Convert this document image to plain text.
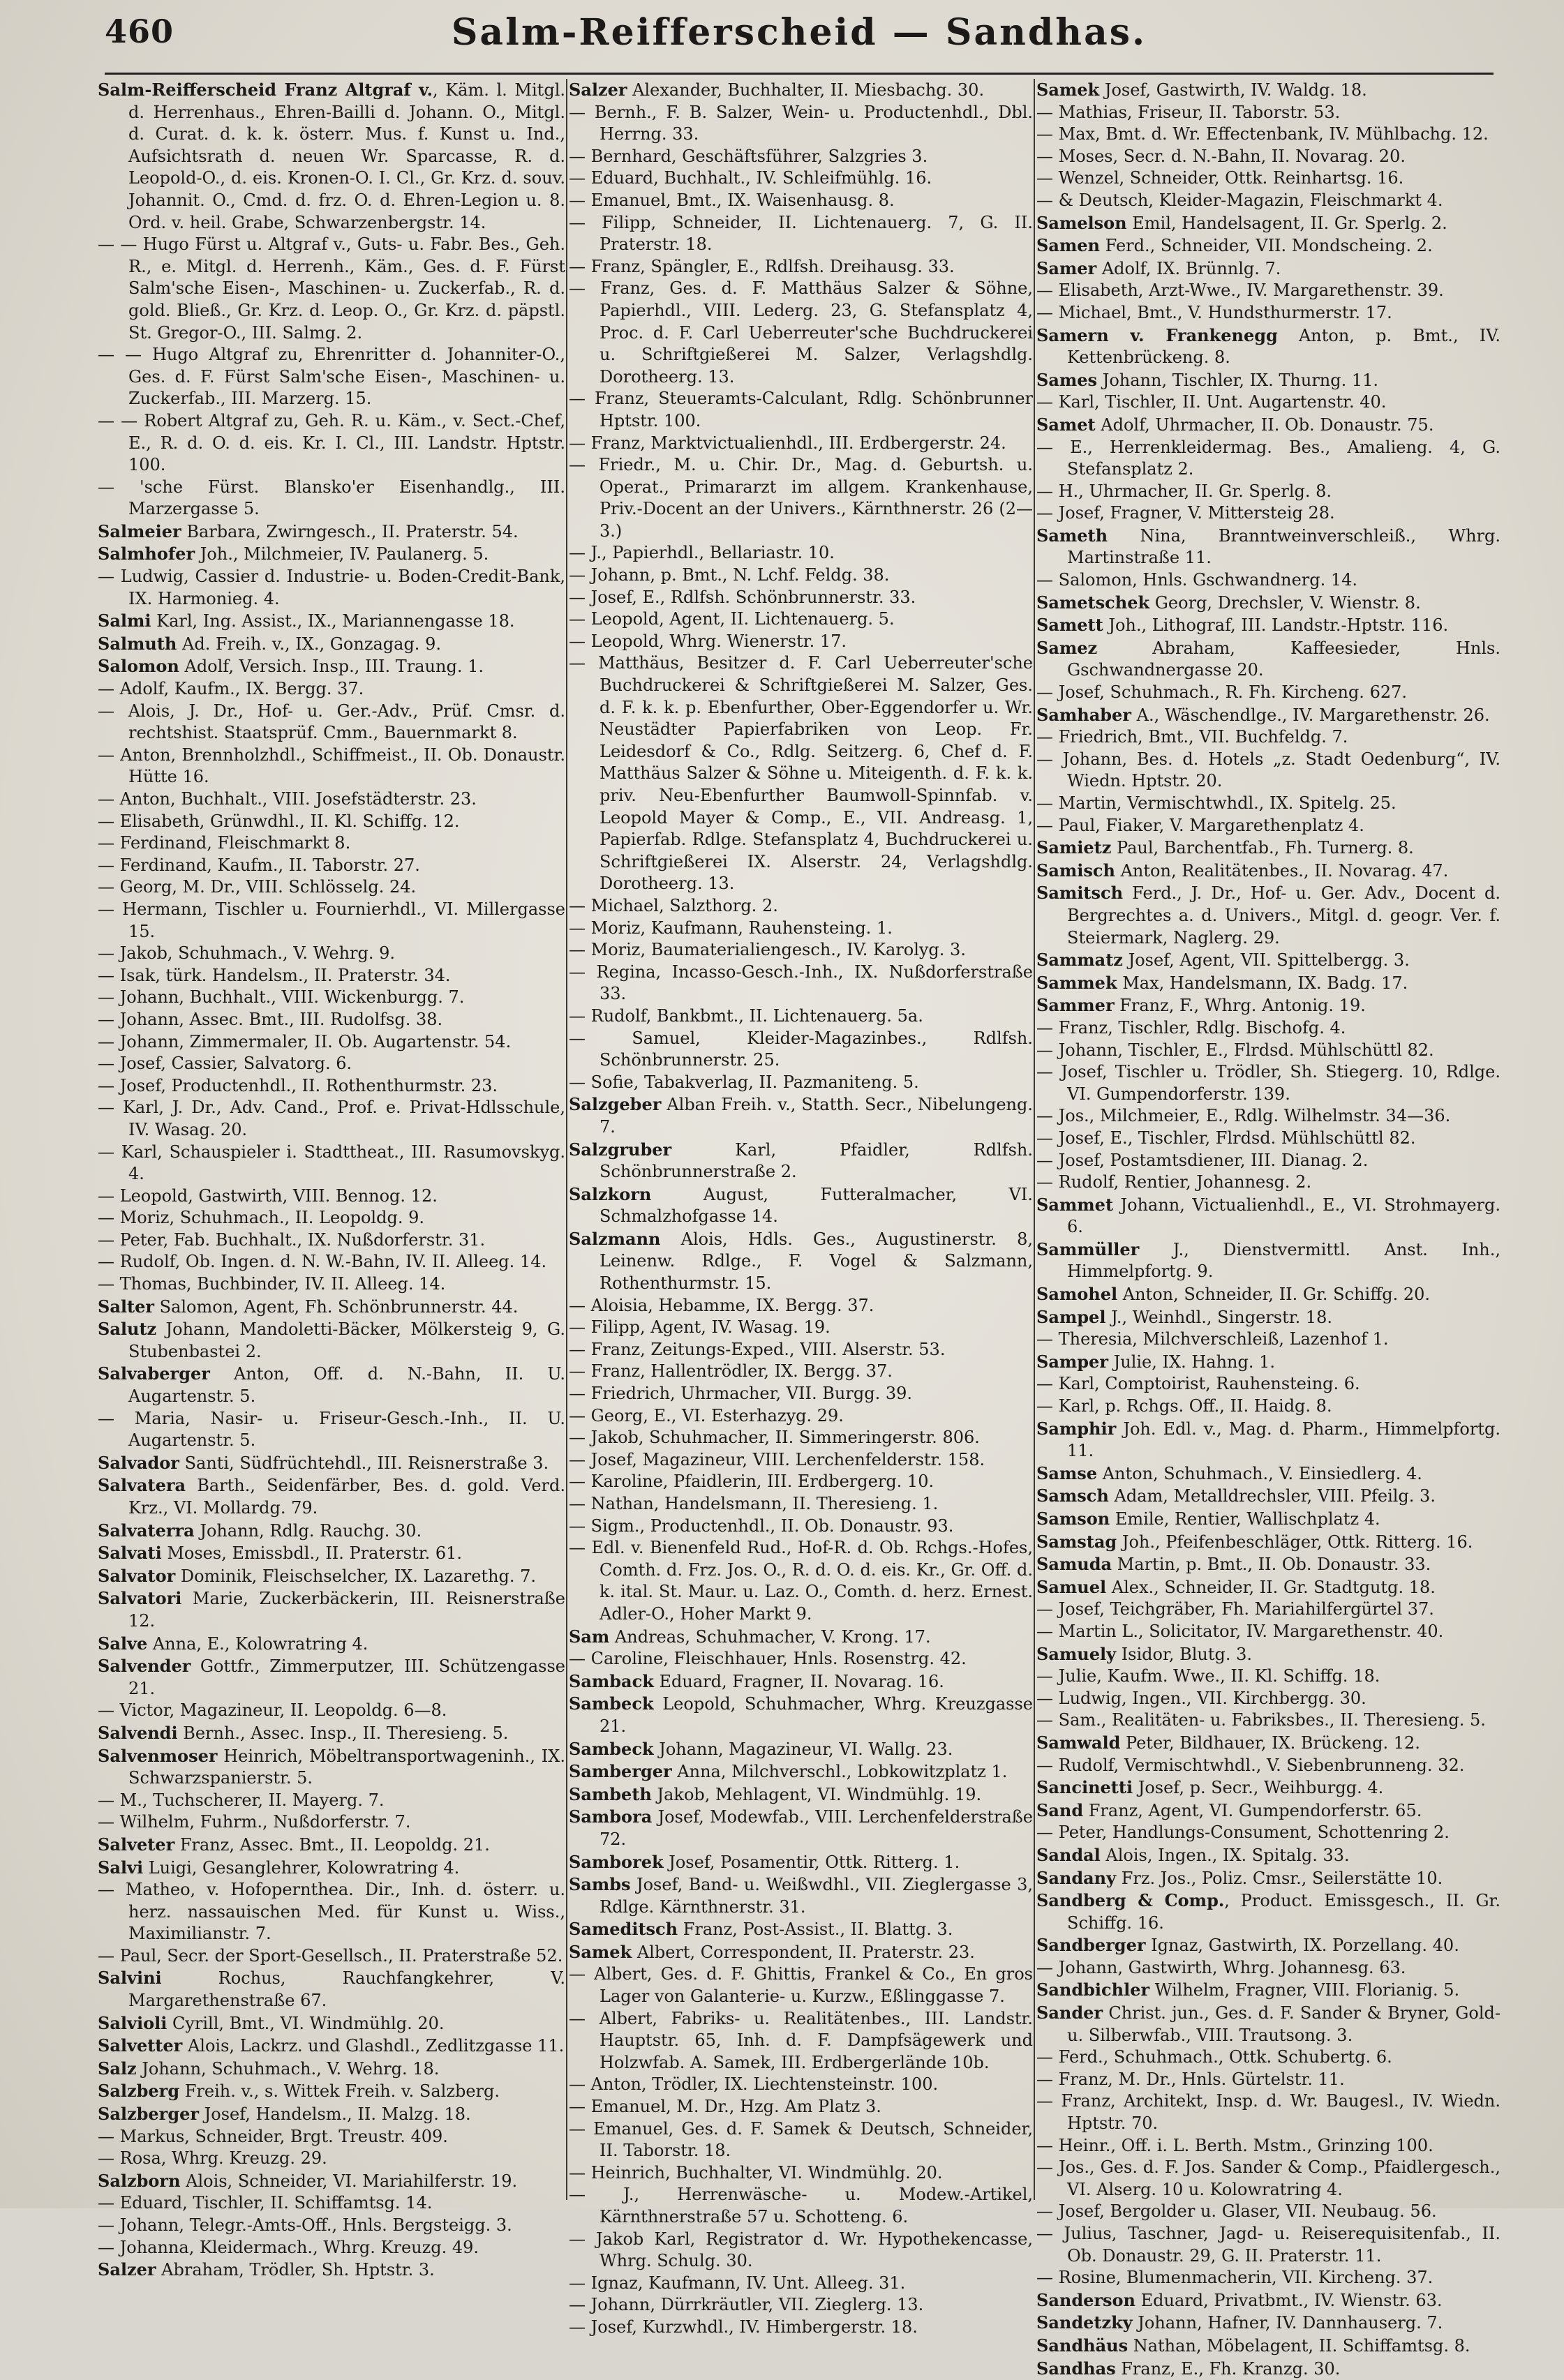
460	Salm-Reifferscheid — Sandhas.
Salm-Reifferscheid Franz Altgraf v., Käm. l. Mitgl. d. Herrenhaus., Ehren-Bailli d. Johann. O., Mitgl. d. Curat. d. k. k. österr. Mus. f. Kunst u. Ind., Aufsichtsrath d. neuen Wr. Sparcasse, R. d. Leopold-O., d. eis. Kronen-O. I. Cl., Gr. Krz. d. souv. Johannit. O., Cmd. d. frz. O. d. Ehren-Legion u. 8. Ord. v. heil. Grabe, Schwarzenbergstr. 14.
— — Hugo Fürst u. Altgraf v., Guts- u. Fabr. Bes., Geh. R., e. Mitgl. d. Herrenh., Käm., Ges. d. F. Fürst Salm'sche Eisen-, Maschinen- u. Zuckerfab., R. d. gold. Bließ., Gr. Krz. d. Leop. O., Gr. Krz. d. päpstl. St. Gregor-O., III. Salmg. 2.
— — Hugo Altgraf zu, Ehrenritter d. Johanniter-O., Ges. d. F. Fürst Salm'sche Eisen-, Maschinen- u. Zuckerfab., III. Marzerg. 15.
— — Robert Altgraf zu, Geh. R. u. Käm., v. Sect.-Chef, E., R. d. O. d. eis. Kr. I. Cl., III. Landstr. Hptstr. 100.
— 'sche Fürst. Blansko'er Eisenhandlg., III. Marzergasse 5.
Salmeier Barbara, Zwirngesch., II. Praterstr. 54.
Salmhofer Joh., Milchmeier, IV. Paulanerg. 5.
— Ludwig, Cassier d. Industrie- u. Boden-Credit-Bank, IX. Harmonieg. 4.
Salmi Karl, Ing. Assist., IX., Mariannengasse 18.
Salmuth Ad. Freih. v., IX., Gonzagag. 9.
Salomon Adolf, Versich. Insp., III. Traung. 1.
— Adolf, Kaufm., IX. Bergg. 37.
— Alois, J. Dr., Hof- u. Ger.-Adv., Prüf. Cmsr. d. rechtshist. Staatsprüf. Cmm., Bauernmarkt 8.
— Anton, Brennholzhdl., Schiffmeist., II. Ob. Donaustr. Hütte 16.
— Anton, Buchhalt., VIII. Josefstädterstr. 23.
— Elisabeth, Grünwdhl., II. Kl. Schiffg. 12.
— Ferdinand, Fleischmarkt 8.
— Ferdinand, Kaufm., II. Taborstr. 27.
— Georg, M. Dr., VIII. Schlösselg. 24.
— Hermann, Tischler u. Fournierhdl., VI. Millergasse 15.
— Jakob, Schuhmach., V. Wehrg. 9.
— Isak, türk. Handelsm., II. Praterstr. 34.
— Johann, Buchhalt., VIII. Wickenburgg. 7.
— Johann, Assec. Bmt., III. Rudolfsg. 38.
— Johann, Zimmermaler, II. Ob. Augartenstr. 54.
— Josef, Cassier, Salvatorg. 6.
— Josef, Productenhdl., II. Rothenthurmstr. 23.
— Karl, J. Dr., Adv. Cand., Prof. e. Privat-Hdlsschule, IV. Wasag. 20.
— Karl, Schauspieler i. Stadttheat., III. Rasumovskyg. 4.
— Leopold, Gastwirth, VIII. Bennog. 12.
— Moriz, Schuhmach., II. Leopoldg. 9.
— Peter, Fab. Buchhalt., IX. Nußdorferstr. 31.
— Rudolf, Ob. Ingen. d. N. W.-Bahn, IV. II. Alleeg. 14.
— Thomas, Buchbinder, IV. II. Alleeg. 14.
Salter Salomon, Agent, Fh. Schönbrunnerstr. 44.
Salutz Johann, Mandoletti-Bäcker, Mölkersteig 9, G. Stubenbastei 2.
Salvaberger Anton, Off. d. N.-Bahn, II. U. Augartenstr. 5.
— Maria, Nasir- u. Friseur-Gesch.-Inh., II. U. Augartenstr. 5.
Salvador Santi, Südfrüchtehdl., III. Reisnerstraße 3.
Salvatera Barth., Seidenfärber, Bes. d. gold. Verd. Krz., VI. Mollardg. 79.
Salvaterra Johann, Rdlg. Rauchg. 30.
Salvati Moses, Emissbdl., II. Praterstr. 61.
Salvator Dominik, Fleischselcher, IX. Lazarethg. 7.
Salvatori Marie, Zuckerbäckerin, III. Reisnerstraße 12.
Salve Anna, E., Kolowratring 4.
Salvender Gottfr., Zimmerputzer, III. Schützengasse 21.
— Victor, Magazineur, II. Leopoldg. 6—8.
Salvendi Bernh., Assec. Insp., II. Theresieng. 5.
Salvenmoser Heinrich, Möbeltransportwageninh., IX. Schwarzspanierstr. 5.
— M., Tuchscherer, II. Mayerg. 7.
— Wilhelm, Fuhrm., Nußdorferstr. 7.
Salveter Franz, Assec. Bmt., II. Leopoldg. 21.
Salvi Luigi, Gesanglehrer, Kolowratring 4.
— Matheo, v. Hofopernthea. Dir., Inh. d. österr. u. herz. nassauischen Med. für Kunst u. Wiss., Maximilianstr. 7.
— Paul, Secr. der Sport-Gesellsch., II. Praterstraße 52.
Salvini Rochus, Rauchfangkehrer, V. Margarethenstraße 67.
Salvioli Cyrill, Bmt., VI. Windmühlg. 20.
Salvetter Alois, Lackrz. und Glashdl., Zedlitzgasse 11.
Salz Johann, Schuhmach., V. Wehrg. 18.
Salzberg Freih. v., s. Wittek Freih. v. Salzberg.
Salzberger Josef, Handelsm., II. Malzg. 18.
— Markus, Schneider, Brgt. Treustr. 409.
— Rosa, Whrg. Kreuzg. 29.
Salzborn Alois, Schneider, VI. Mariahilferstr. 19.
— Eduard, Tischler, II. Schiffamtsg. 14.
— Johann, Telegr.-Amts-Off., Hnls. Bergsteigg. 3.
— Johanna, Kleidermach., Whrg. Kreuzg. 49.
Salzer Abraham, Trödler, Sh. Hptstr. 3.
Salzer Alexander, Buchhalter, II. Miesbachg. 30.
— Bernh., F. B. Salzer, Wein- u. Productenhdl., Dbl. Herrng. 33.
— Bernhard, Geschäftsführer, Salzgries 3.
— Eduard, Buchhalt., IV. Schleifmühlg. 16.
— Emanuel, Bmt., IX. Waisenhausg. 8.
— Filipp, Schneider, II. Lichtenauerg. 7, G. II. Praterstr. 18.
— Franz, Spängler, E., Rdlfsh. Dreihausg. 33.
— Franz, Ges. d. F. Matthäus Salzer & Söhne, Papierhdl., VIII. Lederg. 23, G. Stefansplatz 4, Proc. d. F. Carl Ueberreuter'sche Buchdruckerei u. Schriftgießerei M. Salzer, Verlagshdlg. Dorotheerg. 13.
— Franz, Steueramts-Calculant, Rdlg. Schönbrunner Hptstr. 100.
— Franz, Marktvictualienhdl., III. Erdbergerstr. 24.
— Friedr., M. u. Chir. Dr., Mag. d. Geburtsh. u. Operat., Primararzt im allgem. Krankenhause, Priv.-Docent an der Univers., Kärnthnerstr. 26 (2—3.)
— J., Papierhdl., Bellariastr. 10.
— Johann, p. Bmt., N. Lchf. Feldg. 38.
— Josef, E., Rdlfsh. Schönbrunnerstr. 33.
— Leopold, Agent, II. Lichtenauerg. 5.
— Leopold, Whrg. Wienerstr. 17.
— Matthäus, Besitzer d. F. Carl Ueberreuter'sche Buchdruckerei & Schriftgießerei M. Salzer, Ges. d. F. k. k. p. Ebenfurther, Ober-Eggendorfer u. Wr. Neustädter Papierfabriken von Leop. Fr. Leidesdorf & Co., Rdlg. Seitzerg. 6, Chef d. F. Matthäus Salzer & Söhne u. Miteigenth. d. F. k. k. priv. Neu-Ebenfurther Baumwoll-Spinnfab. v. Leopold Mayer & Comp., E., VII. Andreasg. 1, Papierfab. Rdlge. Stefansplatz 4, Buchdruckerei u. Schriftgießerei IX. Alserstr. 24, Verlagshdlg. Dorotheerg. 13.
— Michael, Salzthorg. 2.
— Moriz, Kaufmann, Rauhensteing. 1.
— Moriz, Baumaterialiengesch., IV. Karolyg. 3.
— Regina, Incasso-Gesch.-Inh., IX. Nußdorferstraße 33.
— Rudolf, Bankbmt., II. Lichtenauerg. 5a.
— Samuel, Kleider-Magazinbes., Rdlfsh. Schönbrunnerstr. 25.
— Sofie, Tabakverlag, II. Pazmaniteng. 5.
Salzgeber Alban Freih. v., Statth. Secr., Nibelungeng. 7.
Salzgruber Karl, Pfaidler, Rdlfsh. Schönbrunnerstraße 2.
Salzkorn August, Futteralmacher, VI. Schmalzhofgasse 14.
Salzmann Alois, Hdls. Ges., Augustinerstr. 8, Leinenw. Rdlge., F. Vogel & Salzmann, Rothenthurmstr. 15.
— Aloisia, Hebamme, IX. Bergg. 37.
— Filipp, Agent, IV. Wasag. 19.
— Franz, Zeitungs-Exped., VIII. Alserstr. 53.
— Franz, Hallentrödler, IX. Bergg. 37.
— Friedrich, Uhrmacher, VII. Burgg. 39.
— Georg, E., VI. Esterhazyg. 29.
— Jakob, Schuhmacher, II. Simmeringerstr. 806.
— Josef, Magazineur, VIII. Lerchenfelderstr. 158.
— Karoline, Pfaidlerin, III. Erdbergerg. 10.
— Nathan, Handelsmann, II. Theresieng. 1.
— Sigm., Productenhdl., II. Ob. Donaustr. 93.
— Edl. v. Bienenfeld Rud., Hof-R. d. Ob. Rchgs.-Hofes, Comth. d. Frz. Jos. O., R. d. O. d. eis. Kr., Gr. Off. d. k. ital. St. Maur. u. Laz. O., Comth. d. herz. Ernest. Adler-O., Hoher Markt 9.
Sam Andreas, Schuhmacher, V. Krong. 17.
— Caroline, Fleischhauer, Hnls. Rosenstrg. 42.
Samback Eduard, Fragner, II. Novarag. 16.
Sambeck Leopold, Schuhmacher, Whrg. Kreuzgasse 21.
Sambeck Johann, Magazineur, VI. Wallg. 23.
Samberger Anna, Milchverschl., Lobkowitzplatz 1.
Sambeth Jakob, Mehlagent, VI. Windmühlg. 19.
Sambora Josef, Modewfab., VIII. Lerchenfelderstraße 72.
Samborek Josef, Posamentir, Ottk. Ritterg. 1.
Sambs Josef, Band- u. Weißwdhl., VII. Zieglergasse 3, Rdlge. Kärnthnerstr. 31.
Sameditsch Franz, Post-Assist., II. Blattg. 3.
Samek Albert, Correspondent, II. Praterstr. 23.
— Albert, Ges. d. F. Ghittis, Frankel & Co., En gros Lager von Galanterie- u. Kurzw., Eßlinggasse 7.
— Albert, Fabriks- u. Realitätenbes., III. Landstr. Hauptstr. 65, Inh. d. F. Dampfsägewerk und Holzwfab. A. Samek, III. Erdbergerlände 10b.
— Anton, Trödler, IX. Liechtensteinstr. 100.
— Emanuel, M. Dr., Hzg. Am Platz 3.
— Emanuel, Ges. d. F. Samek & Deutsch, Schneider, II. Taborstr. 18.
— Heinrich, Buchhalter, VI. Windmühlg. 20.
— J., Herrenwäsche- u. Modew.-Artikel, Kärnthnerstraße 57 u. Schotteng. 6.
— Jakob Karl, Registrator d. Wr. Hypothekencasse, Whrg. Schulg. 30.
— Ignaz, Kaufmann, IV. Unt. Alleeg. 31.
— Johann, Dürrkräutler, VII. Zieglerg. 13.
— Josef, Kurzwhdl., IV. Himbergerstr. 18.
Samek Josef, Gastwirth, IV. Waldg. 18.
— Mathias, Friseur, II. Taborstr. 53.
— Max, Bmt. d. Wr. Effectenbank, IV. Mühlbachg. 12.
— Moses, Secr. d. N.-Bahn, II. Novarag. 20.
— Wenzel, Schneider, Ottk. Reinhartsg. 16.
— & Deutsch, Kleider-Magazin, Fleischmarkt 4.
Samelson Emil, Handelsagent, II. Gr. Sperlg. 2.
Samen Ferd., Schneider, VII. Mondscheing. 2.
Samer Adolf, IX. Brünnlg. 7.
— Elisabeth, Arzt-Wwe., IV. Margarethenstr. 39.
— Michael, Bmt., V. Hundsthurmerstr. 17.
Samern v. Frankenegg Anton, p. Bmt., IV. Kettenbrückeng. 8.
Sames Johann, Tischler, IX. Thurng. 11.
— Karl, Tischler, II. Unt. Augartenstr. 40.
Samet Adolf, Uhrmacher, II. Ob. Donaustr. 75.
— E., Herrenkleidermag. Bes., Amalieng. 4, G. Stefansplatz 2.
— H., Uhrmacher, II. Gr. Sperlg. 8.
— Josef, Fragner, V. Mittersteig 28.
Sameth Nina, Branntweinverschleiß., Whrg. Martinstraße 11.
— Salomon, Hnls. Gschwandnerg. 14.
Sametschek Georg, Drechsler, V. Wienstr. 8.
Samett Joh., Lithograf, III. Landstr.-Hptstr. 116.
Samez Abraham, Kaffeesieder, Hnls. Gschwandnergasse 20.
— Josef, Schuhmach., R. Fh. Kircheng. 627.
Samhaber A., Wäschendlge., IV. Margarethenstr. 26.
— Friedrich, Bmt., VII. Buchfeldg. 7.
— Johann, Bes. d. Hotels „z. Stadt Oedenburg“, IV. Wiedn. Hptstr. 20.
— Martin, Vermischtwhdl., IX. Spitelg. 25.
— Paul, Fiaker, V. Margarethenplatz 4.
Samietz Paul, Barchentfab., Fh. Turnerg. 8.
Samisch Anton, Realitätenbes., II. Novarag. 47.
Samitsch Ferd., J. Dr., Hof- u. Ger. Adv., Docent d. Bergrechtes a. d. Univers., Mitgl. d. geogr. Ver. f. Steiermark, Naglerg. 29.
Sammatz Josef, Agent, VII. Spittelbergg. 3.
Sammek Max, Handelsmann, IX. Badg. 17.
Sammer Franz, F., Whrg. Antonig. 19.
— Franz, Tischler, Rdlg. Bischofg. 4.
— Johann, Tischler, E., Flrdsd. Mühlschüttl 82.
— Josef, Tischler u. Trödler, Sh. Stiegerg. 10, Rdlge. VI. Gumpendorferstr. 139.
— Jos., Milchmeier, E., Rdlg. Wilhelmstr. 34—36.
— Josef, E., Tischler, Flrdsd. Mühlschüttl 82.
— Josef, Postamtsdiener, III. Dianag. 2.
— Rudolf, Rentier, Johannesg. 2.
Sammet Johann, Victualienhdl., E., VI. Strohmayerg. 6.
Sammüller J., Dienstvermittl. Anst. Inh., Himmelpfortg. 9.
Samohel Anton, Schneider, II. Gr. Schiffg. 20.
Sampel J., Weinhdl., Singerstr. 18.
— Theresia, Milchverschleiß, Lazenhof 1.
Samper Julie, IX. Hahng. 1.
— Karl, Comptoirist, Rauhensteing. 6.
— Karl, p. Rchgs. Off., II. Haidg. 8.
Samphir Joh. Edl. v., Mag. d. Pharm., Himmelpfortg. 11.
Samse Anton, Schuhmach., V. Einsiedlerg. 4.
Samsch Adam, Metalldrechsler, VIII. Pfeilg. 3.
Samson Emile, Rentier, Wallischplatz 4.
Samstag Joh., Pfeifenbeschläger, Ottk. Ritterg. 16.
Samuda Martin, p. Bmt., II. Ob. Donaustr. 33.
Samuel Alex., Schneider, II. Gr. Stadtgutg. 18.
— Josef, Teichgräber, Fh. Mariahilfergürtel 37.
— Martin L., Solicitator, IV. Margarethenstr. 40.
Samuely Isidor, Blutg. 3.
— Julie, Kaufm. Wwe., II. Kl. Schiffg. 18.
— Ludwig, Ingen., VII. Kirchbergg. 30.
— Sam., Realitäten- u. Fabriksbes., II. Theresieng. 5.
Samwald Peter, Bildhauer, IX. Brückeng. 12.
— Rudolf, Vermischtwhdl., V. Siebenbrunneng. 32.
Sancinetti Josef, p. Secr., Weihburgg. 4.
Sand Franz, Agent, VI. Gumpendorferstr. 65.
— Peter, Handlungs-Consument, Schottenring 2.
Sandal Alois, Ingen., IX. Spitalg. 33.
Sandany Frz. Jos., Poliz. Cmsr., Seilerstätte 10.
Sandberg & Comp., Product. Emissgesch., II. Gr. Schiffg. 16.
Sandberger Ignaz, Gastwirth, IX. Porzellang. 40.
— Johann, Gastwirth, Whrg. Johannesg. 63.
Sandbichler Wilhelm, Fragner, VIII. Florianig. 5.
Sander Christ. jun., Ges. d. F. Sander & Bryner, Gold- u. Silberwfab., VIII. Trautsong. 3.
— Ferd., Schuhmach., Ottk. Schubertg. 6.
— Franz, M. Dr., Hnls. Gürtelstr. 11.
— Franz, Architekt, Insp. d. Wr. Baugesl., IV. Wiedn. Hptstr. 70.
— Heinr., Off. i. L. Berth. Mstm., Grinzing 100.
— Jos., Ges. d. F. Jos. Sander & Comp., Pfaidlergesch., VI. Alserg. 10 u. Kolowratring 4.
— Josef, Bergolder u. Glaser, VII. Neubaug. 56.
— Julius, Taschner, Jagd- u. Reiserequisitenfab., II. Ob. Donaustr. 29, G. II. Praterstr. 11.
— Rosine, Blumenmacherin, VII. Kircheng. 37.
Sanderson Eduard, Privatbmt., IV. Wienstr. 63.
Sandetzky Johann, Hafner, IV. Dannhauserg. 7.
Sandhäus Nathan, Möbelagent, II. Schiffamtsg. 8.
Sandhas Franz, E., Fh. Kranzg. 30.
